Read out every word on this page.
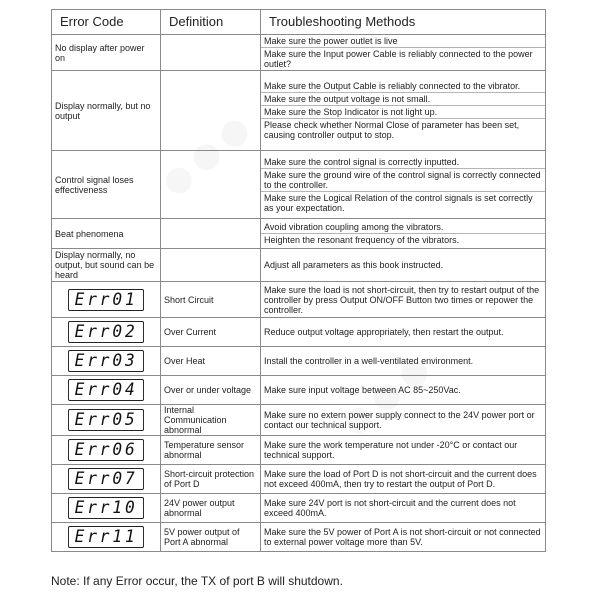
Error Code	Definition	Troubleshooting Methods
No display after power on		Make sure the power outlet is live
Make sure the Input power Cable is reliably connected to the power outlet?

Display normally, but no output		Make sure the Output Cable is reliably connected to the vibrator.
Make sure the output voltage is not small.
Make sure the Stop Indicator is not light up.
Please check whether Normal Close of parameter has been set, causing controller output to stop.

Control signal loses effectiveness		Make sure the control signal is correctly inputted.
Make sure the ground wire of the control signal is correctly connected to the controller.
Make sure the Logical Relation of the control signals is set correctly as your expectation.

Beat phenomena		Avoid vibration coupling among the vibrators.
Heighten the resonant frequency of the vibrators.

Display normally, no output, but sound can be heard		Adjust all parameters as this book instructed.
Err01	Short Circuit	Make sure the load is not short-circuit, then try to restart output of the controller by press Output ON/OFF Button two times or repower the controller.
Err02	Over Current	Reduce output voltage appropriately, then restart the output.
Err03	Over Heat	Install the controller in a well-ventilated environment.
Err04	Over or under voltage	Make sure input voltage between AC 85~250Vac.
Err05	Internal Communication abnormal	Make sure no extern power supply connect to the 24V power port or contact our technical support.
Err06	Temperature sensor abnormal	Make sure the work temperature not under -20°C or contact our technical support.
Err07	Short-circuit protection of Port D	Make sure the load of Port D is not short-circuit and the current does not exceed 400mA, then try to restart the output of Port D.
Err10	24V power output abnormal	Make sure 24V port is not short-circuit and the current does not exceed 400mA.
Err11	5V power output of Port A abnormal	Make sure the 5V power of Port A is not short-circuit or not connected to external power voltage more than 5V.
Note: If any Error occur, the TX of port B will shutdown.
